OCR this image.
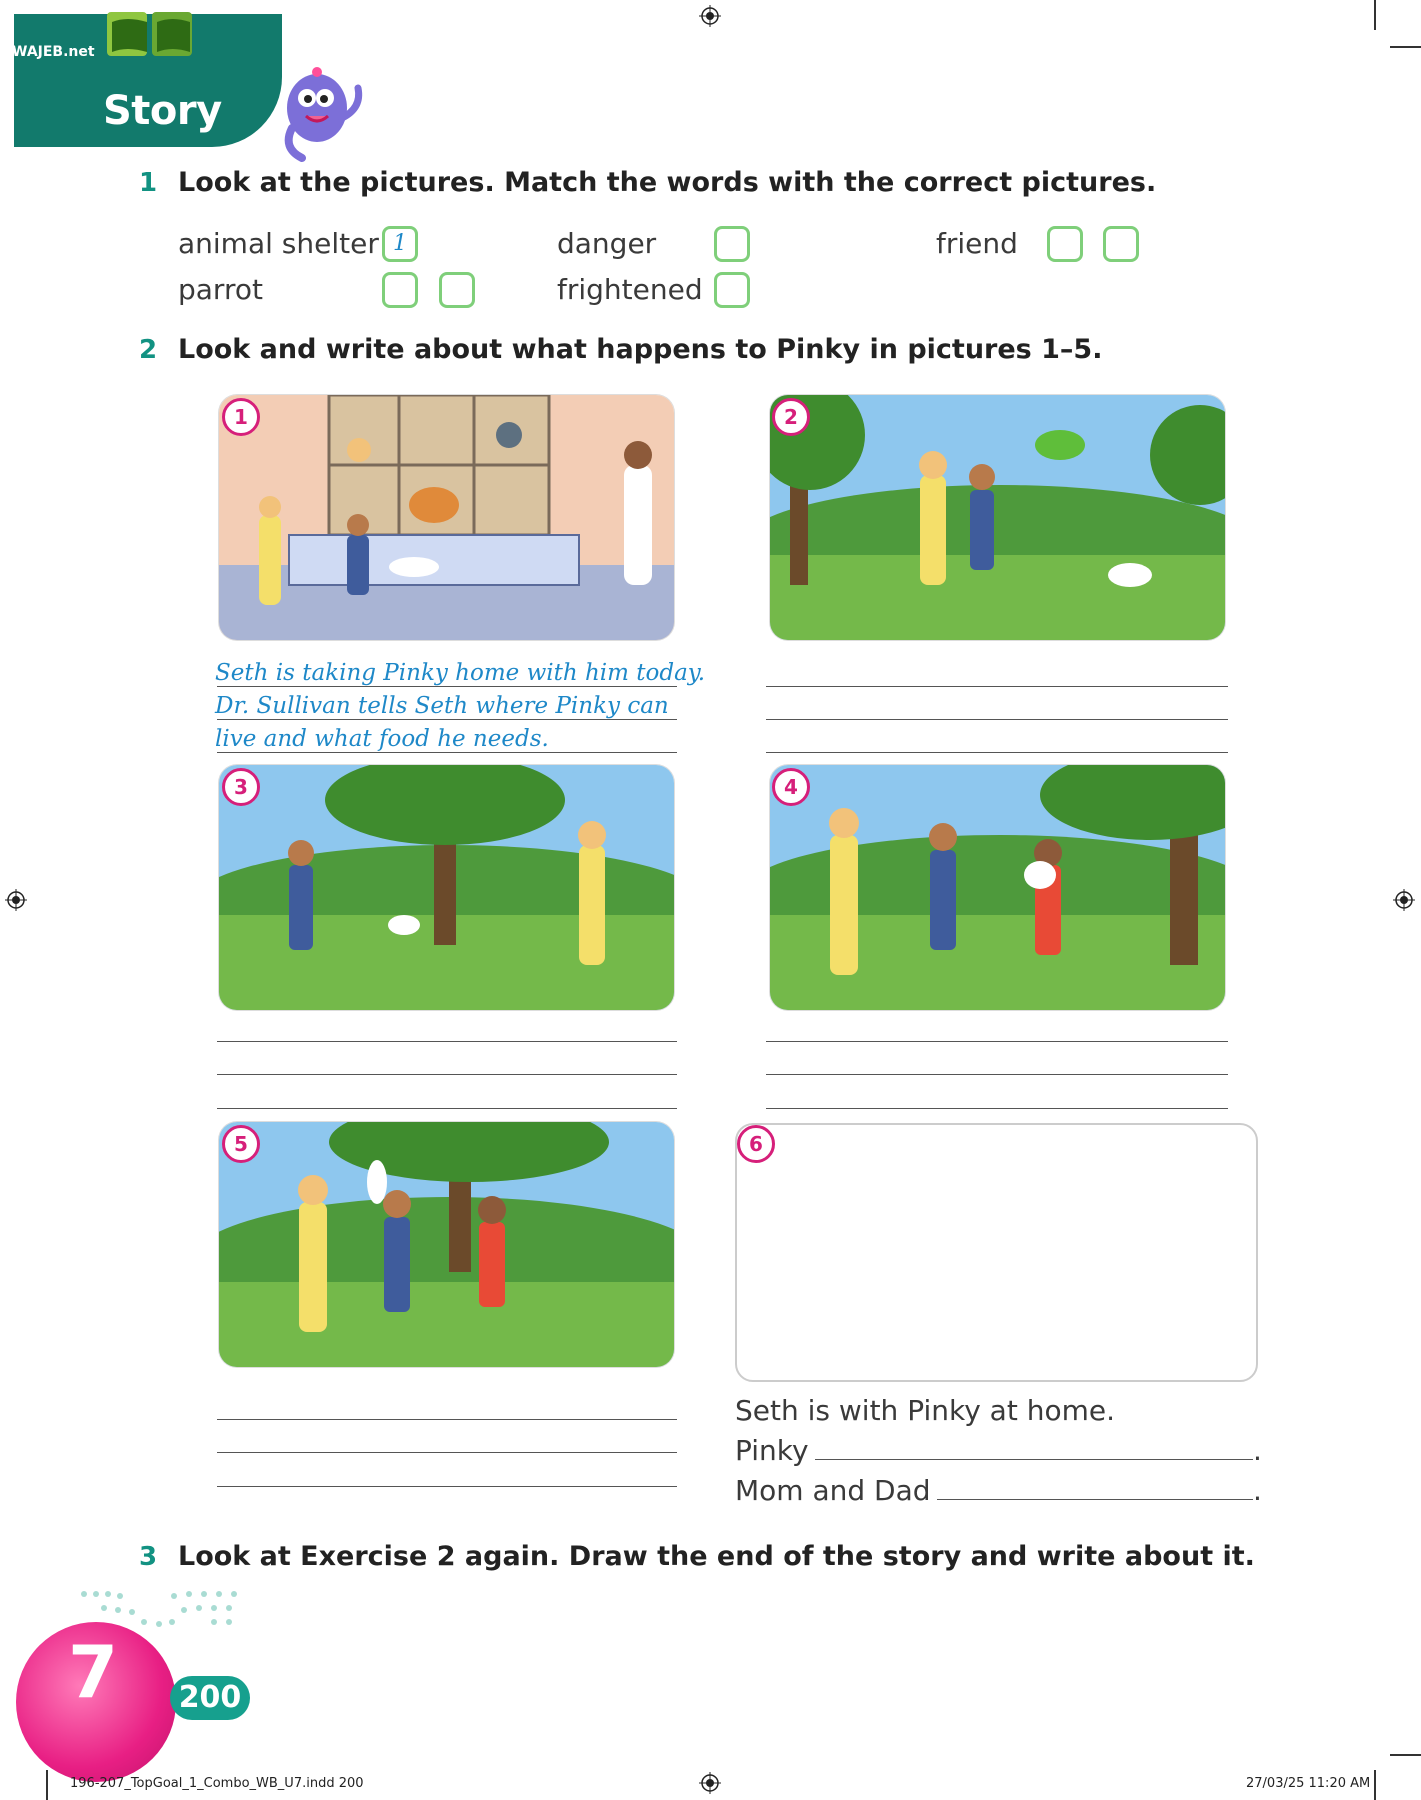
WAJEB.net
Story
1 Look at the pictures. Match the words with the correct pictures.
animal shelter 1	danger	friend
parrot	frightened
2 Look and write about what happens to Pinky in pictures 1–5.
1	2
Seth is taking Pinky home with him today.
Dr. Sullivan tells Seth where Pinky can
live and what food he needs.
3	4
5	6
Seth is with Pinky at home.
Pinky	.
Mom and Dad	.
3 Look at Exercise 2 again. Draw the end of the story and write about it.
7 200
196-207_TopGoal_1_Combo_WB_U7.indd 200	27/03/25 11:20 AM
